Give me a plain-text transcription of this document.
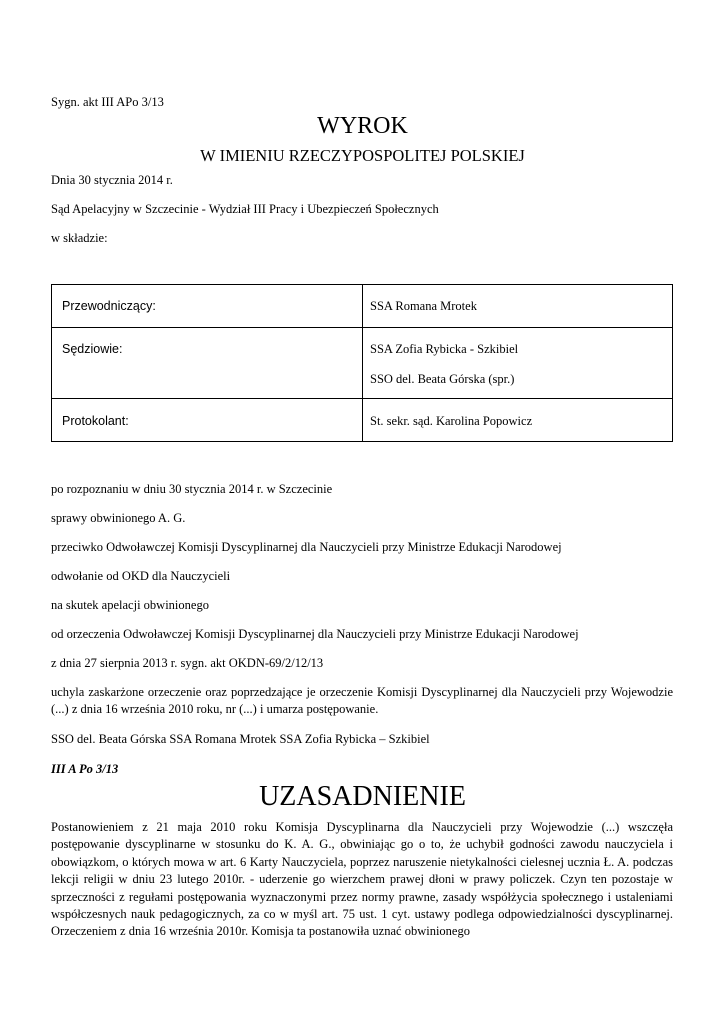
Sygn. akt III APo 3/13
WYROK
W IMIENIU RZECZYPOSPOLITEJ POLSKIEJ
Dnia 30 stycznia 2014 r.
Sąd Apelacyjny w Szczecinie - Wydział III Pracy i Ubezpieczeń Społecznych
w składzie:
Przewodniczący:	SSA Romana Mrotek
Sędziowie:	SSA Zofia Rybicka - Szkibiel
SSO del. Beata Górska (spr.)
Protokolant:	St. sekr. sąd. Karolina Popowicz
po rozpoznaniu w dniu 30 stycznia 2014 r. w Szczecinie
sprawy obwinionego A. G.
przeciwko Odwoławczej Komisji Dyscyplinarnej dla Nauczycieli przy Ministrze Edukacji Narodowej
odwołanie od OKD dla Nauczycieli
na skutek apelacji obwinionego
od orzeczenia Odwoławczej Komisji Dyscyplinarnej dla Nauczycieli przy Ministrze Edukacji Narodowej
z dnia 27 sierpnia 2013 r. sygn. akt OKDN-69/2/12/13
uchyla zaskarżone orzeczenie oraz poprzedzające je orzeczenie Komisji Dyscyplinarnej dla Nauczycieli przy Wojewodzie (...) z dnia 16 września 2010 roku, nr (...) i umarza postępowanie.
SSO del. Beata Górska SSA Romana Mrotek SSA Zofia Rybicka – Szkibiel
III A Po 3/13
UZASADNIENIE
Postanowieniem z 21 maja 2010 roku Komisja Dyscyplinarna dla Nauczycieli przy Wojewodzie (...) wszczęła postępowanie dyscyplinarne w stosunku do K. A. G., obwiniając go o to, że uchybił godności zawodu nauczyciela i obowiązkom, o których mowa w art. 6 Karty Nauczyciela, poprzez naruszenie nietykalności cielesnej ucznia Ł. A. podczas lekcji religii w dniu 23 lutego 2010r. - uderzenie go wierzchem prawej dłoni w prawy policzek. Czyn ten pozostaje w sprzeczności z regułami postępowania wyznaczonymi przez normy prawne, zasady współżycia społecznego i ustaleniami współczesnych nauk pedagogicznych, za co w myśl art. 75 ust. 1 cyt. ustawy podlega odpowiedzialności dyscyplinarnej. Orzeczeniem z dnia 16 września 2010r. Komisja ta postanowiła uznać obwinionego
